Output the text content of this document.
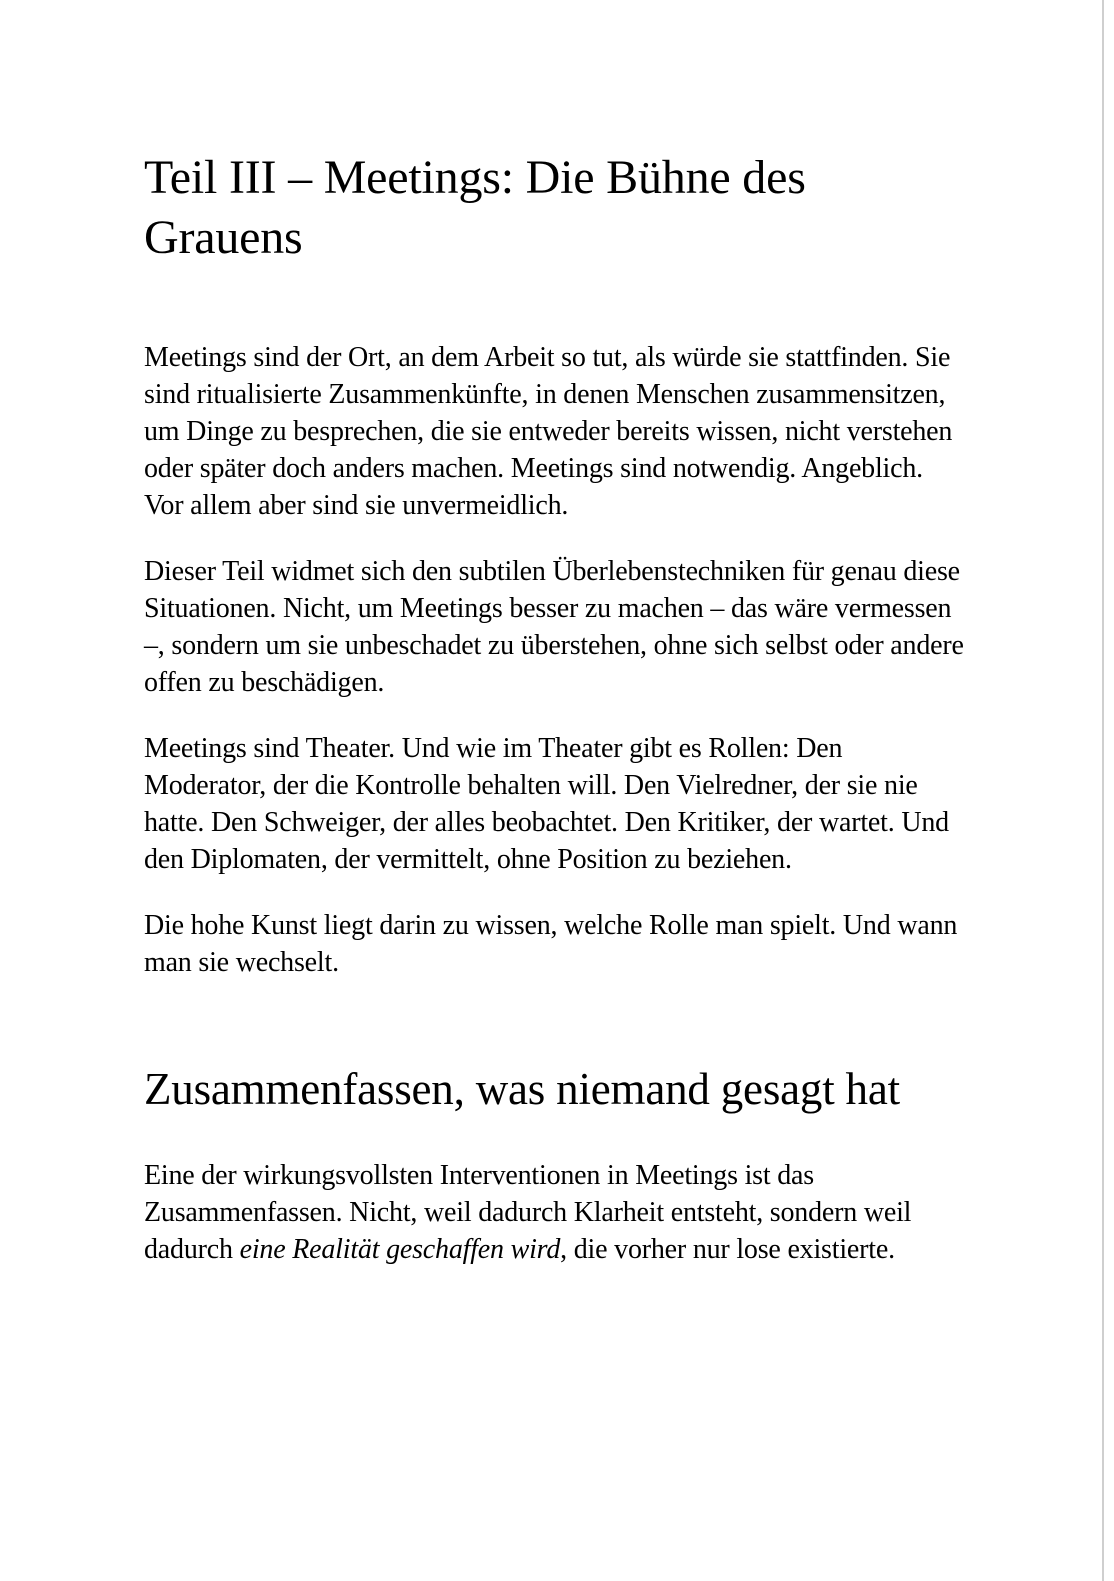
Teil III – Meetings: Die Bühne des Grauens

Meetings sind der Ort, an dem Arbeit so tut, als würde sie stattfinden. Sie sind ritualisierte Zusammenkünfte, in denen Menschen zusammensitzen, um Dinge zu besprechen, die sie entweder bereits wissen, nicht verstehen oder später doch anders machen. Meetings sind notwendig. Angeblich. Vor allem aber sind sie unvermeidlich.

Dieser Teil widmet sich den subtilen Überlebenstechniken für genau diese Situationen. Nicht, um Meetings besser zu machen – das wäre vermessen –, sondern um sie unbeschadet zu überstehen, ohne sich selbst oder andere offen zu beschädigen.

Meetings sind Theater. Und wie im Theater gibt es Rollen: Den Moderator, der die Kontrolle behalten will. Den Vielredner, der sie nie hatte. Den Schweiger, der alles beobachtet. Den Kritiker, der wartet. Und den Diplomaten, der vermittelt, ohne Position zu beziehen.

Die hohe Kunst liegt darin zu wissen, welche Rolle man spielt. Und wann man sie wechselt.

Zusammenfassen, was niemand gesagt hat

Eine der wirkungsvollsten Interventionen in Meetings ist das Zusammenfassen. Nicht, weil dadurch Klarheit entsteht, sondern weil dadurch eine Realität geschaffen wird, die vorher nur lose existierte.
